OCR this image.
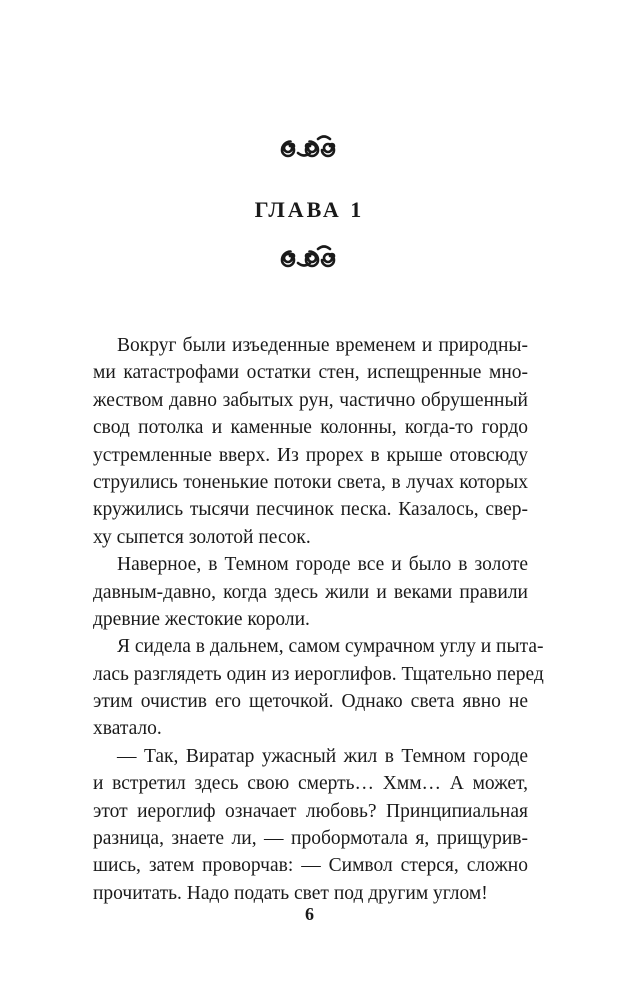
ГЛАВА 1
Вокруг были изъеденные временем и природны-
ми катастрофами остатки стен, испещренные мно-
жеством давно забытых рун, частично обрушенный
свод потолка и каменные колонны, когда-то гордо
устремленные вверх. Из прорех в крыше отовсюду
струились тоненькие потоки света, в лучах которых
кружились тысячи песчинок песка. Казалось, свер-
ху сыпется золотой песок.
Наверное, в Темном городе все и было в золоте
давным-давно, когда здесь жили и веками правили
древние жестокие короли.
Я сидела в дальнем, самом сумрачном углу и пыта-
лась разглядеть один из иероглифов. Тщательно перед
этим очистив его щеточкой. Однако света явно не
хватало.
— Так, Виратар ужасный жил в Темном городе
и встретил здесь свою смерть… Хмм… А может,
этот иероглиф означает любовь? Принципиальная
разница, знаете ли, — пробормотала я, прищурив-
шись, затем проворчав: — Символ стерся, сложно
прочитать. Надо подать свет под другим углом!
6
